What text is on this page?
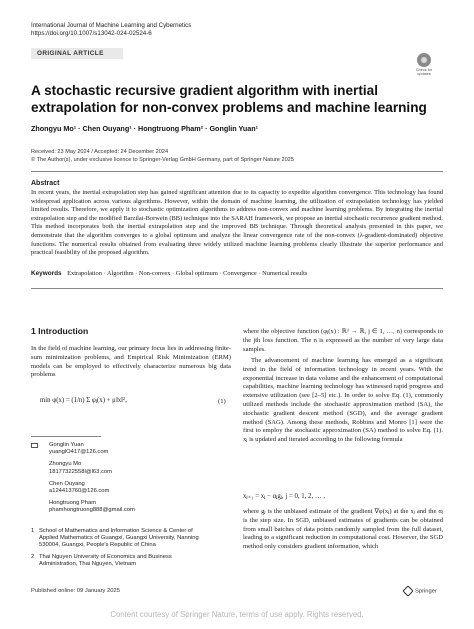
International Journal of Machine Learning and Cybernetics
https://doi.org/10.1007/s13042-024-02524-6
ORIGINAL ARTICLE
Check for updates
A stochastic recursive gradient algorithm with inertial extrapolation for non-convex problems and machine learning
Zhongyu Mo¹ · Chen Ouyang¹ · Hongtruong Pham² · Gonglin Yuan¹
Received: 23 May 2024 / Accepted: 24 December 2024
© The Author(s), under exclusive licence to Springer-Verlag GmbH Germany, part of Springer Nature 2025
Abstract
In recent years, the inertial extrapolation step has gained significant attention due to its capacity to expedite algorithm convergence. This technology has found widespread application across various algorithms. However, within the domain of machine learning, the utilization of extrapolation technology has yielded limited results. Therefore, we apply it to stochastic optimization algorithms to address non-convex and machine learning problems. By integrating the inertial extrapolation step and the modified Barzilai-Borwein (BB) technique into the SARAH framework, we propose an inertial stochastic recurrence gradient method. This method incorporates both the inertial extrapolation step and the improved BB technique. Through theoretical analysis presented in this paper, we demonstrate that the algorithm converges to a global optimum and analyze the linear convergence rate of the non-convex (λ-gradient-dominated) objective functions. The numerical results obtained from evaluating three widely utilized machine learning problems clearly illustrate the superior performance and practical feasibility of the proposed algorithm.
Keywords Extrapolation · Algorithm · Non-convex · Global optimum · Convergence · Numerical results
1 Introduction
In the field of machine learning, our primary focus lies in addressing finite-sum minimization problems, and Empirical Risk Minimization (ERM) models can be employed to effectively characterize numerous big data problems
min φ(x) = (1/n) Σ φⱼ(x) + μ‖x‖²,	(1)
Gonglin Yuan
yuanglO417@126.com
Zhongyu Mo
18177322558l@l63.com
Chen Ouyang
a124413760@126.com
Hongtruong Pham
phamhongtruong888@gmail.com
1 School of Mathematics and Information Science & Center of Applied Mathematics of Guangxi, Guangxi University, Nanning 530004, Guangxi, People's Republic of China
2 Thai Nguyen University of Economics and Business Administration, Thai Nguyen, Vietnam
where the objective function (φⱼ(x) : ℝᵈ → ℝ, j ∈ 1, …, n) corresponds to the jth loss function. The n is expressed as the number of very large data samples.
The advancement of machine learning has emerged as a significant trend in the field of information technology in recent years. With the exponential increase in data volume and the enhancement of computational capabilities, machine learning technology has witnessed rapid progress and extensive utilization (see [2–5] etc.). In order to solve Eq. (1), commonly utilized methods include the stochastic approximation method (SA), the stochastic gradient descent method (SGD), and the average gradient method (SAG). Among these methods, Robbins and Monro [1] were the first to employ the stochastic approximation (SA) method to solve Eq. (1). xⱼ is updated and iterated according to the following formula
xⱼ₊₁ = xⱼ − αⱼgⱼ, j = 0, 1, 2, … ,
where gⱼ is the unbiased estimate of the gradient ∇φ(xⱼ) at the xⱼ and the αⱼ is the step size. In SGD, unbiased estimates of gradients can be obtained from small batches of data points randomly sampled from the full dataset, leading to a significant reduction in computational cost. However, the SGD method only considers gradient information, which
Published online: 09 January 2025	Springer
Content courtesy of Springer Nature, terms of use apply. Rights reserved.
